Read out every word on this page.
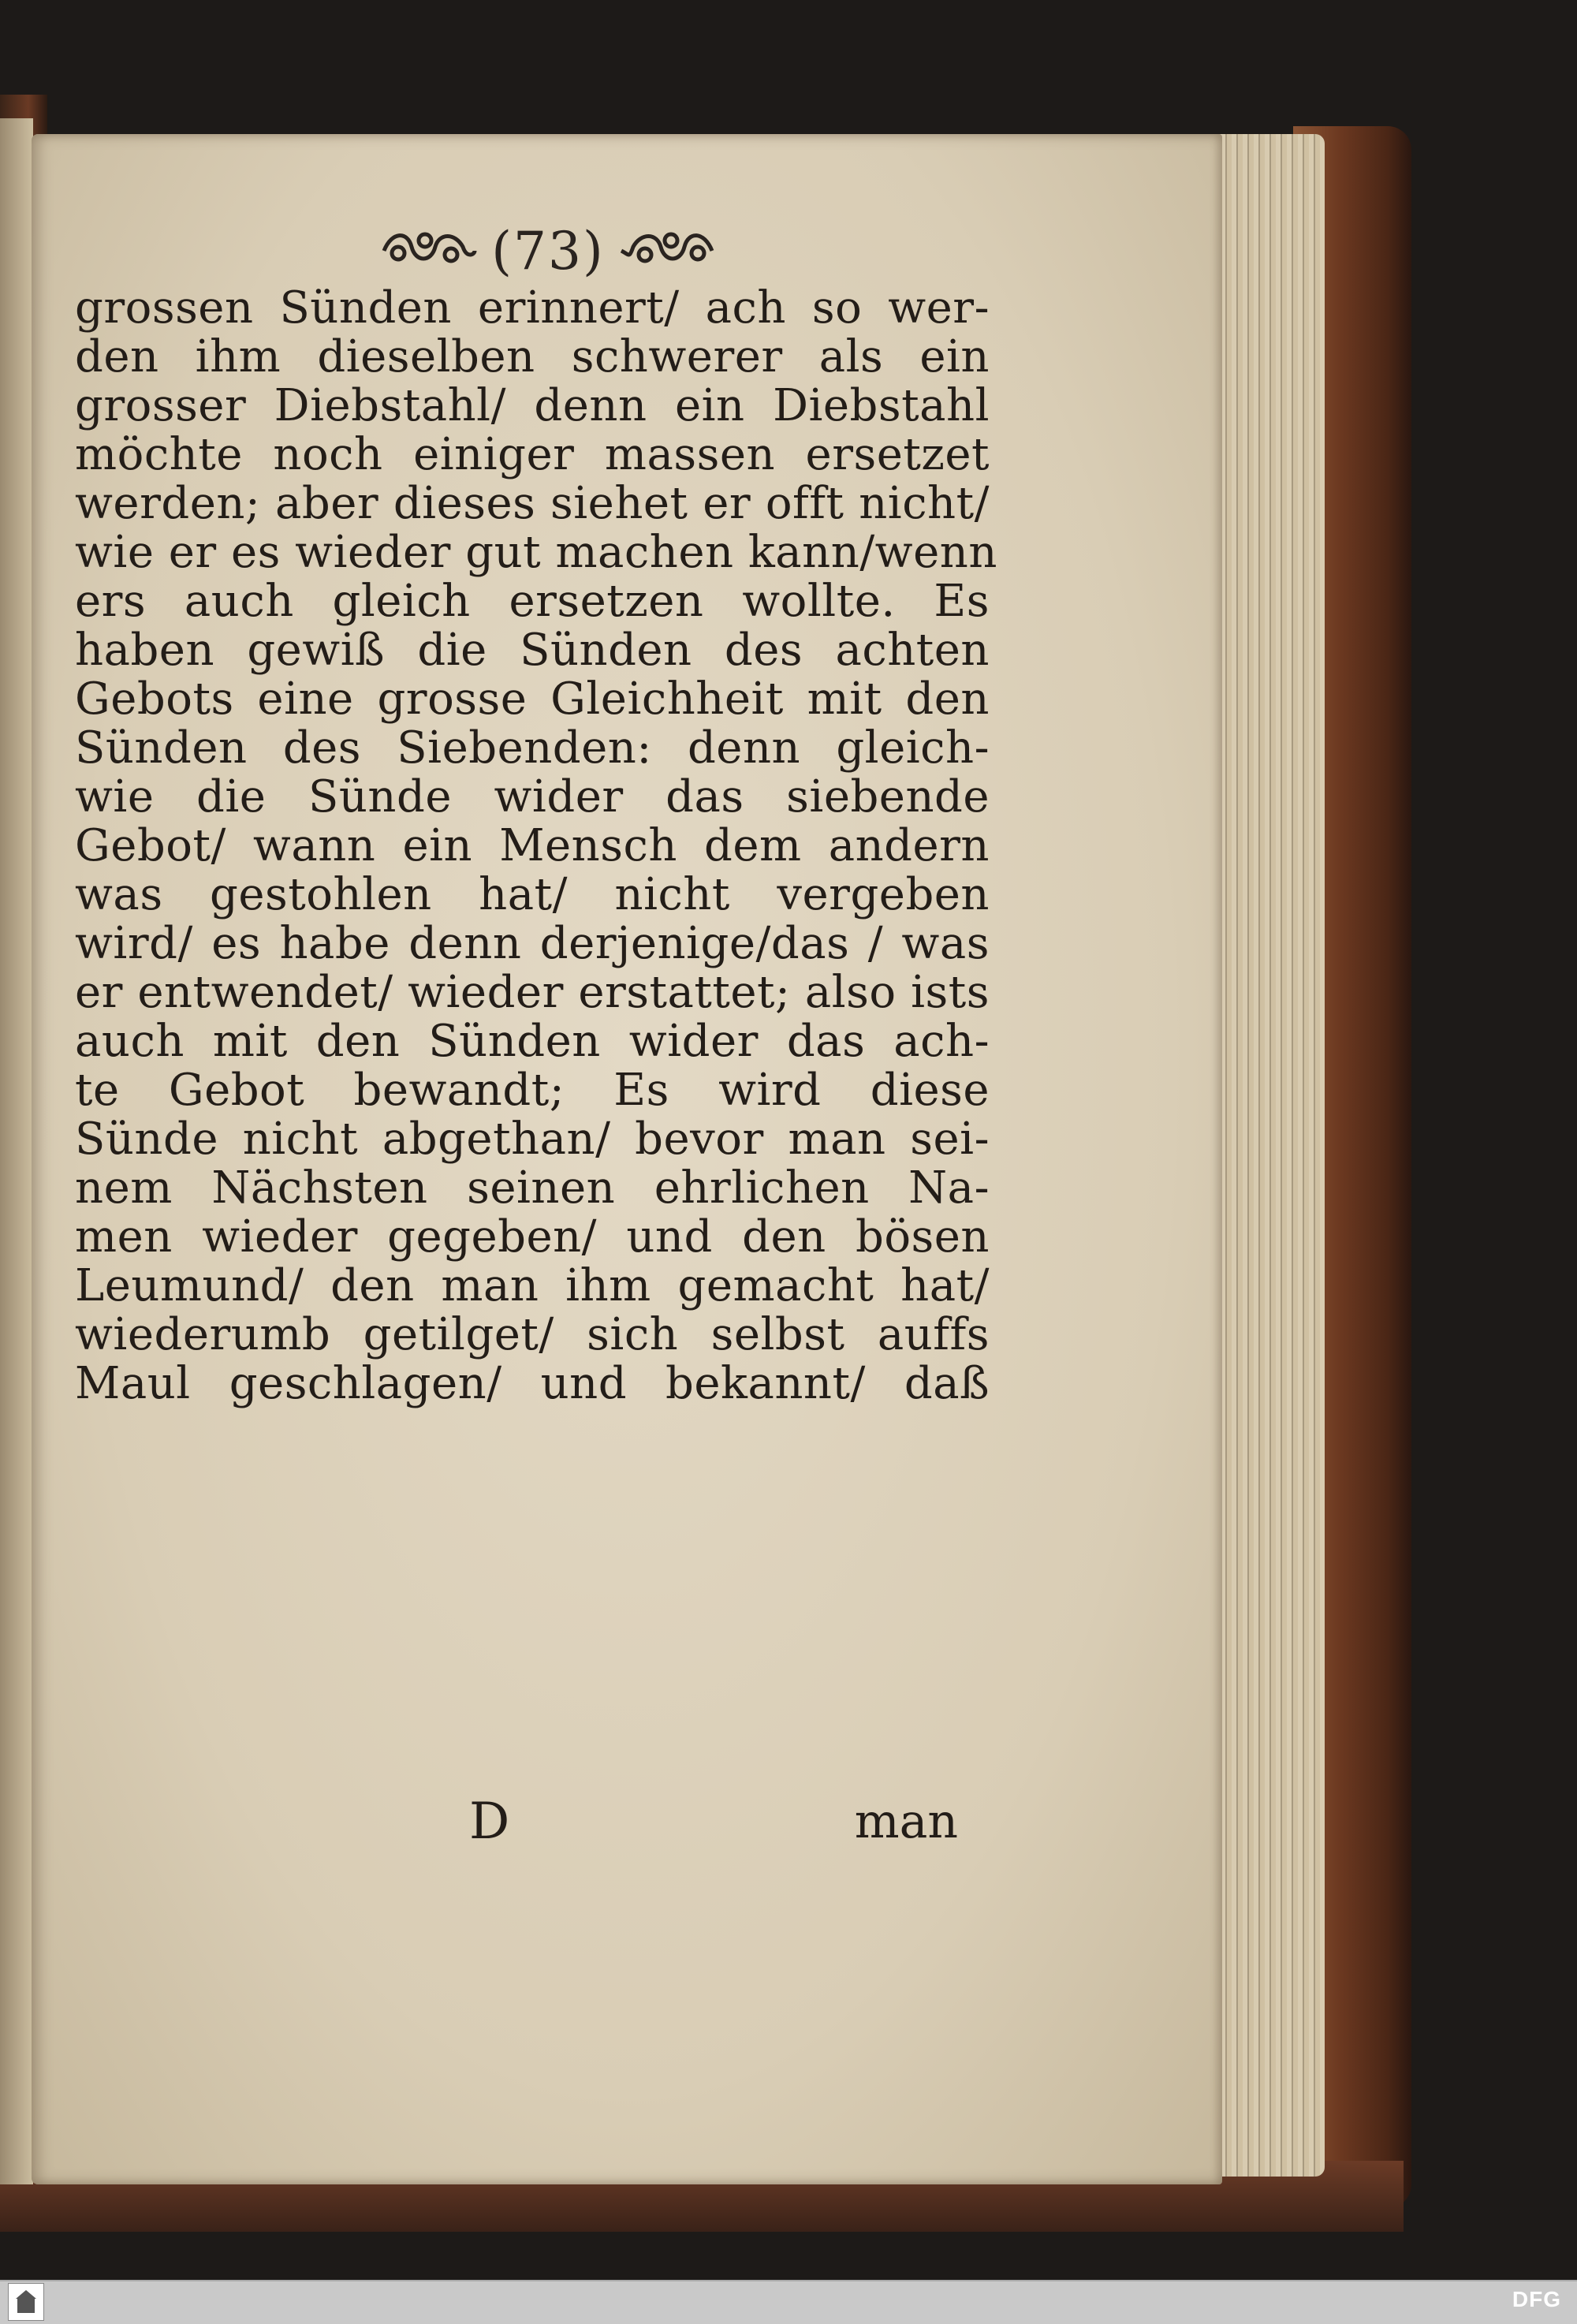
(73)
grossen Sünden erinnert/ ach so wer-
den ihm dieselben schwerer als ein
grosser Diebstahl/ denn ein Diebstahl
möchte noch einiger massen ersetzet
werden; aber dieses siehet er offt nicht/
wie er es wieder gut machen kann/wenn
ers auch gleich ersetzen wollte. Es
haben gewiß die Sünden des achten
Gebots eine grosse Gleichheit mit den
Sünden des Siebenden: denn gleich-
wie die Sünde wider das siebende
Gebot/ wann ein Mensch dem andern
was gestohlen hat/ nicht vergeben
wird/ es habe denn derjenige/das / was
er entwendet/ wieder erstattet; also ists
auch mit den Sünden wider das ach-
te Gebot bewandt; Es wird diese
Sünde nicht abgethan/ bevor man sei-
nem Nächsten seinen ehrlichen Na-
men wieder gegeben/ und den bösen
Leumund/ den man ihm gemacht hat/
wiederumb getilget/ sich selbst auffs
Maul geschlagen/ und bekannt/ daß
D	man
DFG
